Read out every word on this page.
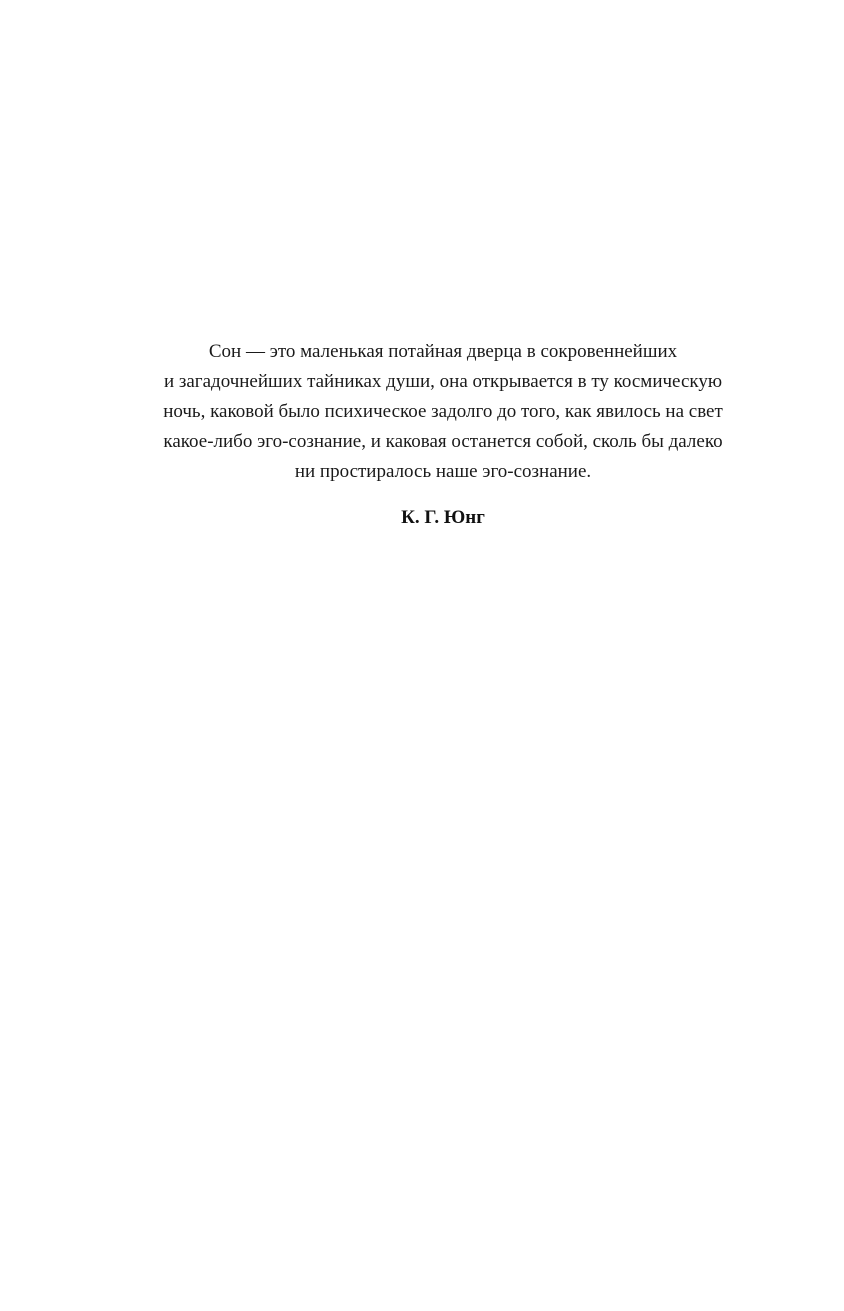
Сон — это маленькая потайная дверца в сокровеннейших
и загадочнейших тайниках души, она открывается в ту космическую
ночь, каковой было психическое задолго до того, как явилось на свет
какое-либо эго-сознание, и каковая останется собой, сколь бы далеко
ни простиралось наше эго-сознание.

К. Г. Юнг
